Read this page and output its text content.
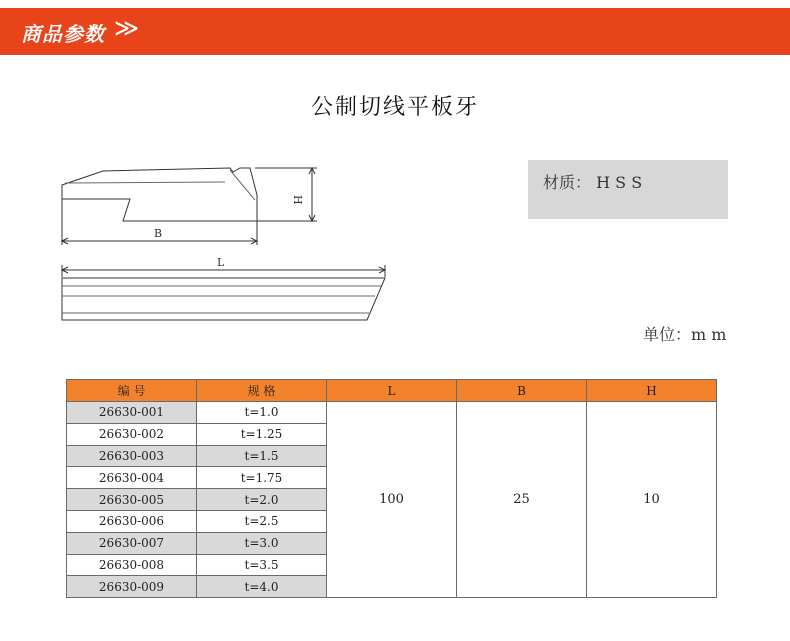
商品参数 ≫
公制切线平板牙
H
B
L
材质： H S S
单位：m m
编 号	规 格	L	B	H
26630-001	t=1.0	100	25	10
26630-002	t=1.25			
26630-003	t=1.5			
26630-004	t=1.75			
26630-005	t=2.0			
26630-006	t=2.5			
26630-007	t=3.0			
26630-008	t=3.5			
26630-009	t=4.0			
